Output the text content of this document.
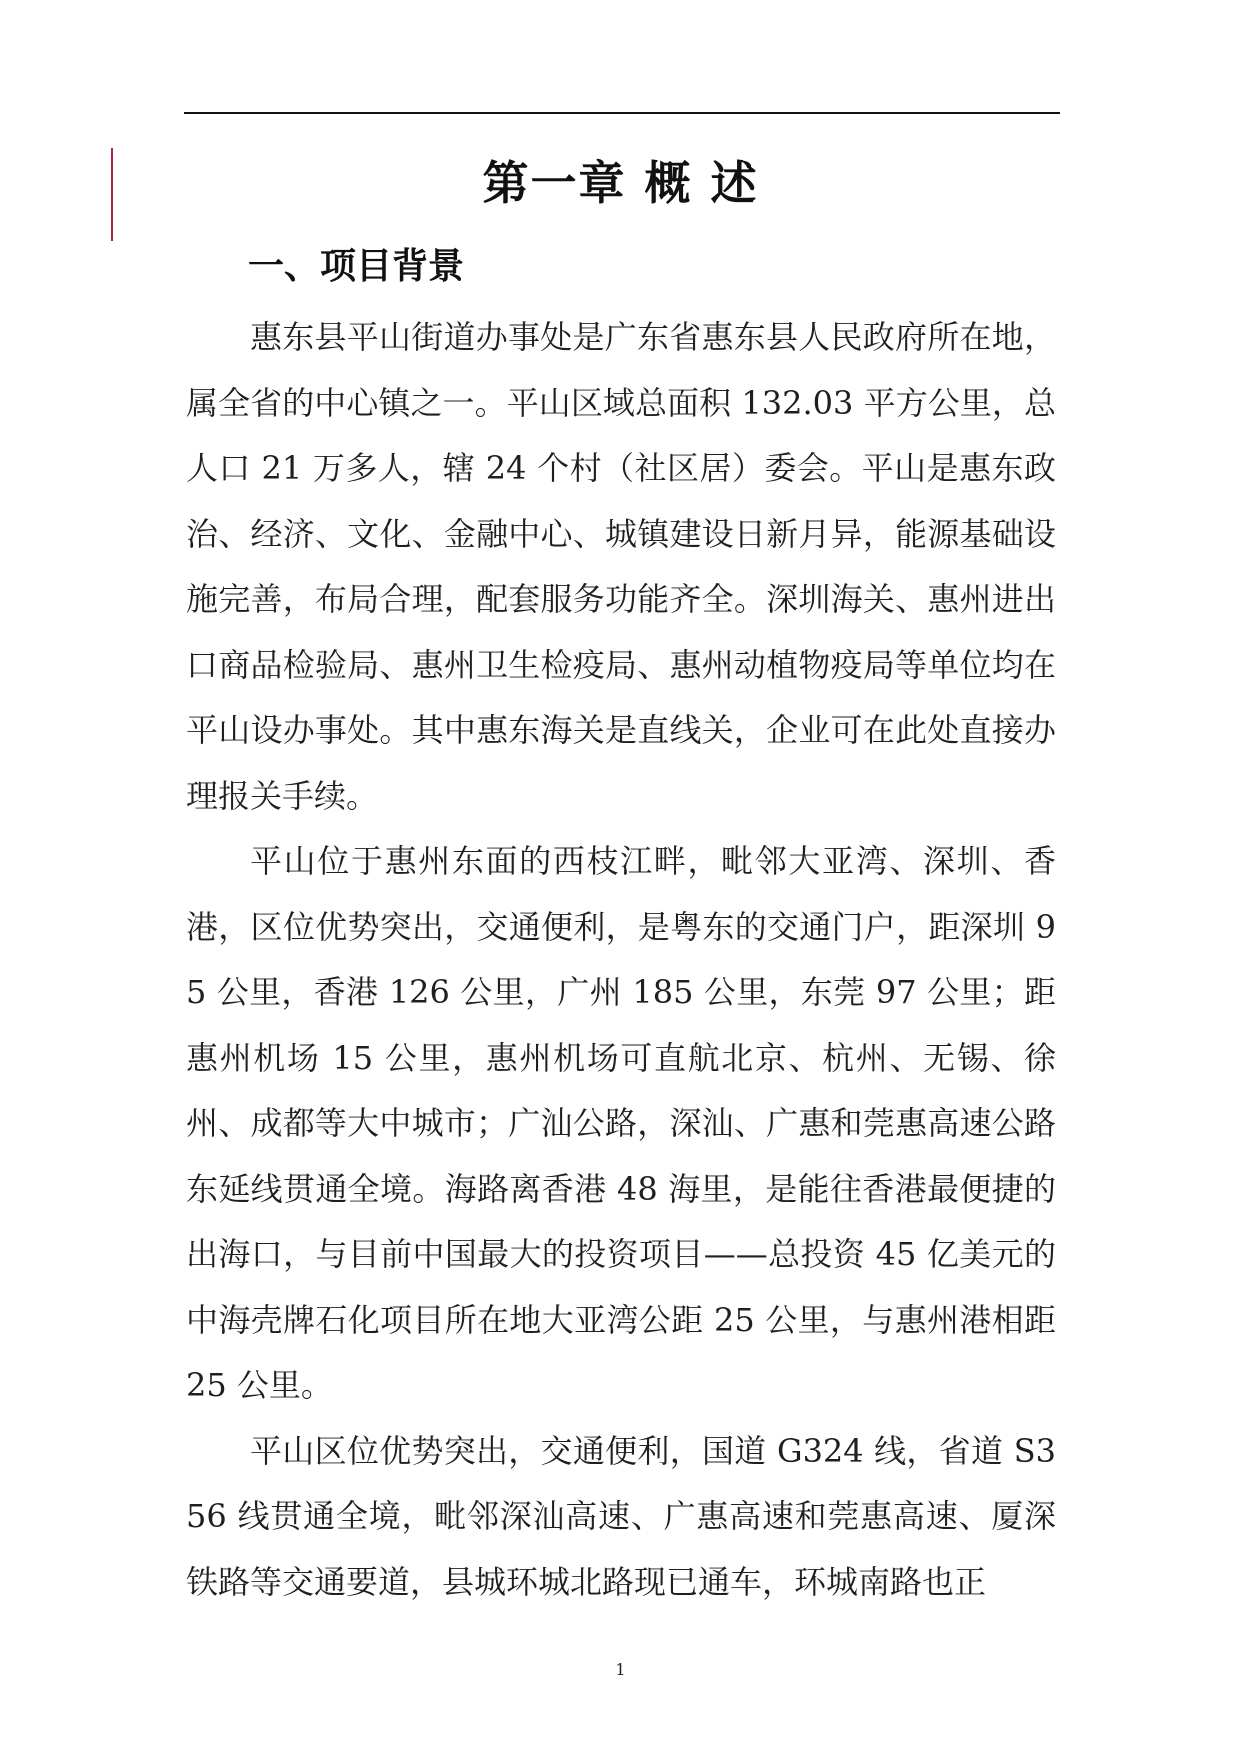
第一章 概 述
一、项目背景

惠东县平山街道办事处是广东省惠东县人民政府所在地，属全省的中心镇之一。平山区域总面积 132.03 平方公里，总人口 21 万多人，辖 24 个村（社区居）委会。平山是惠东政治、经济、文化、金融中心、城镇建设日新月异，能源基础设施完善，布局合理，配套服务功能齐全。深圳海关、惠州进出口商品检验局、惠州卫生检疫局、惠州动植物疫局等单位均在平山设办事处。其中惠东海关是直线关，企业可在此处直接办理报关手续。

平山位于惠州东面的西枝江畔，毗邻大亚湾、深圳、香港，区位优势突出，交通便利，是粤东的交通门户，距深圳 95 公里，香港 126 公里，广州 185 公里，东莞 97 公里；距惠州机场 15 公里，惠州机场可直航北京、杭州、无锡、徐州、成都等大中城市；广汕公路，深汕、广惠和莞惠高速公路东延线贯通全境。海路离香港 48 海里，是能往香港最便捷的出海口，与目前中国最大的投资项目——总投资 45 亿美元的中海壳牌石化项目所在地大亚湾公距 25 公里，与惠州港相距 25 公里。

平山区位优势突出，交通便利，国道 G324 线，省道 S356 线贯通全境，毗邻深汕高速、广惠高速和莞惠高速、厦深铁路等交通要道，县城环城北路现已通车，环城南路也正

1
